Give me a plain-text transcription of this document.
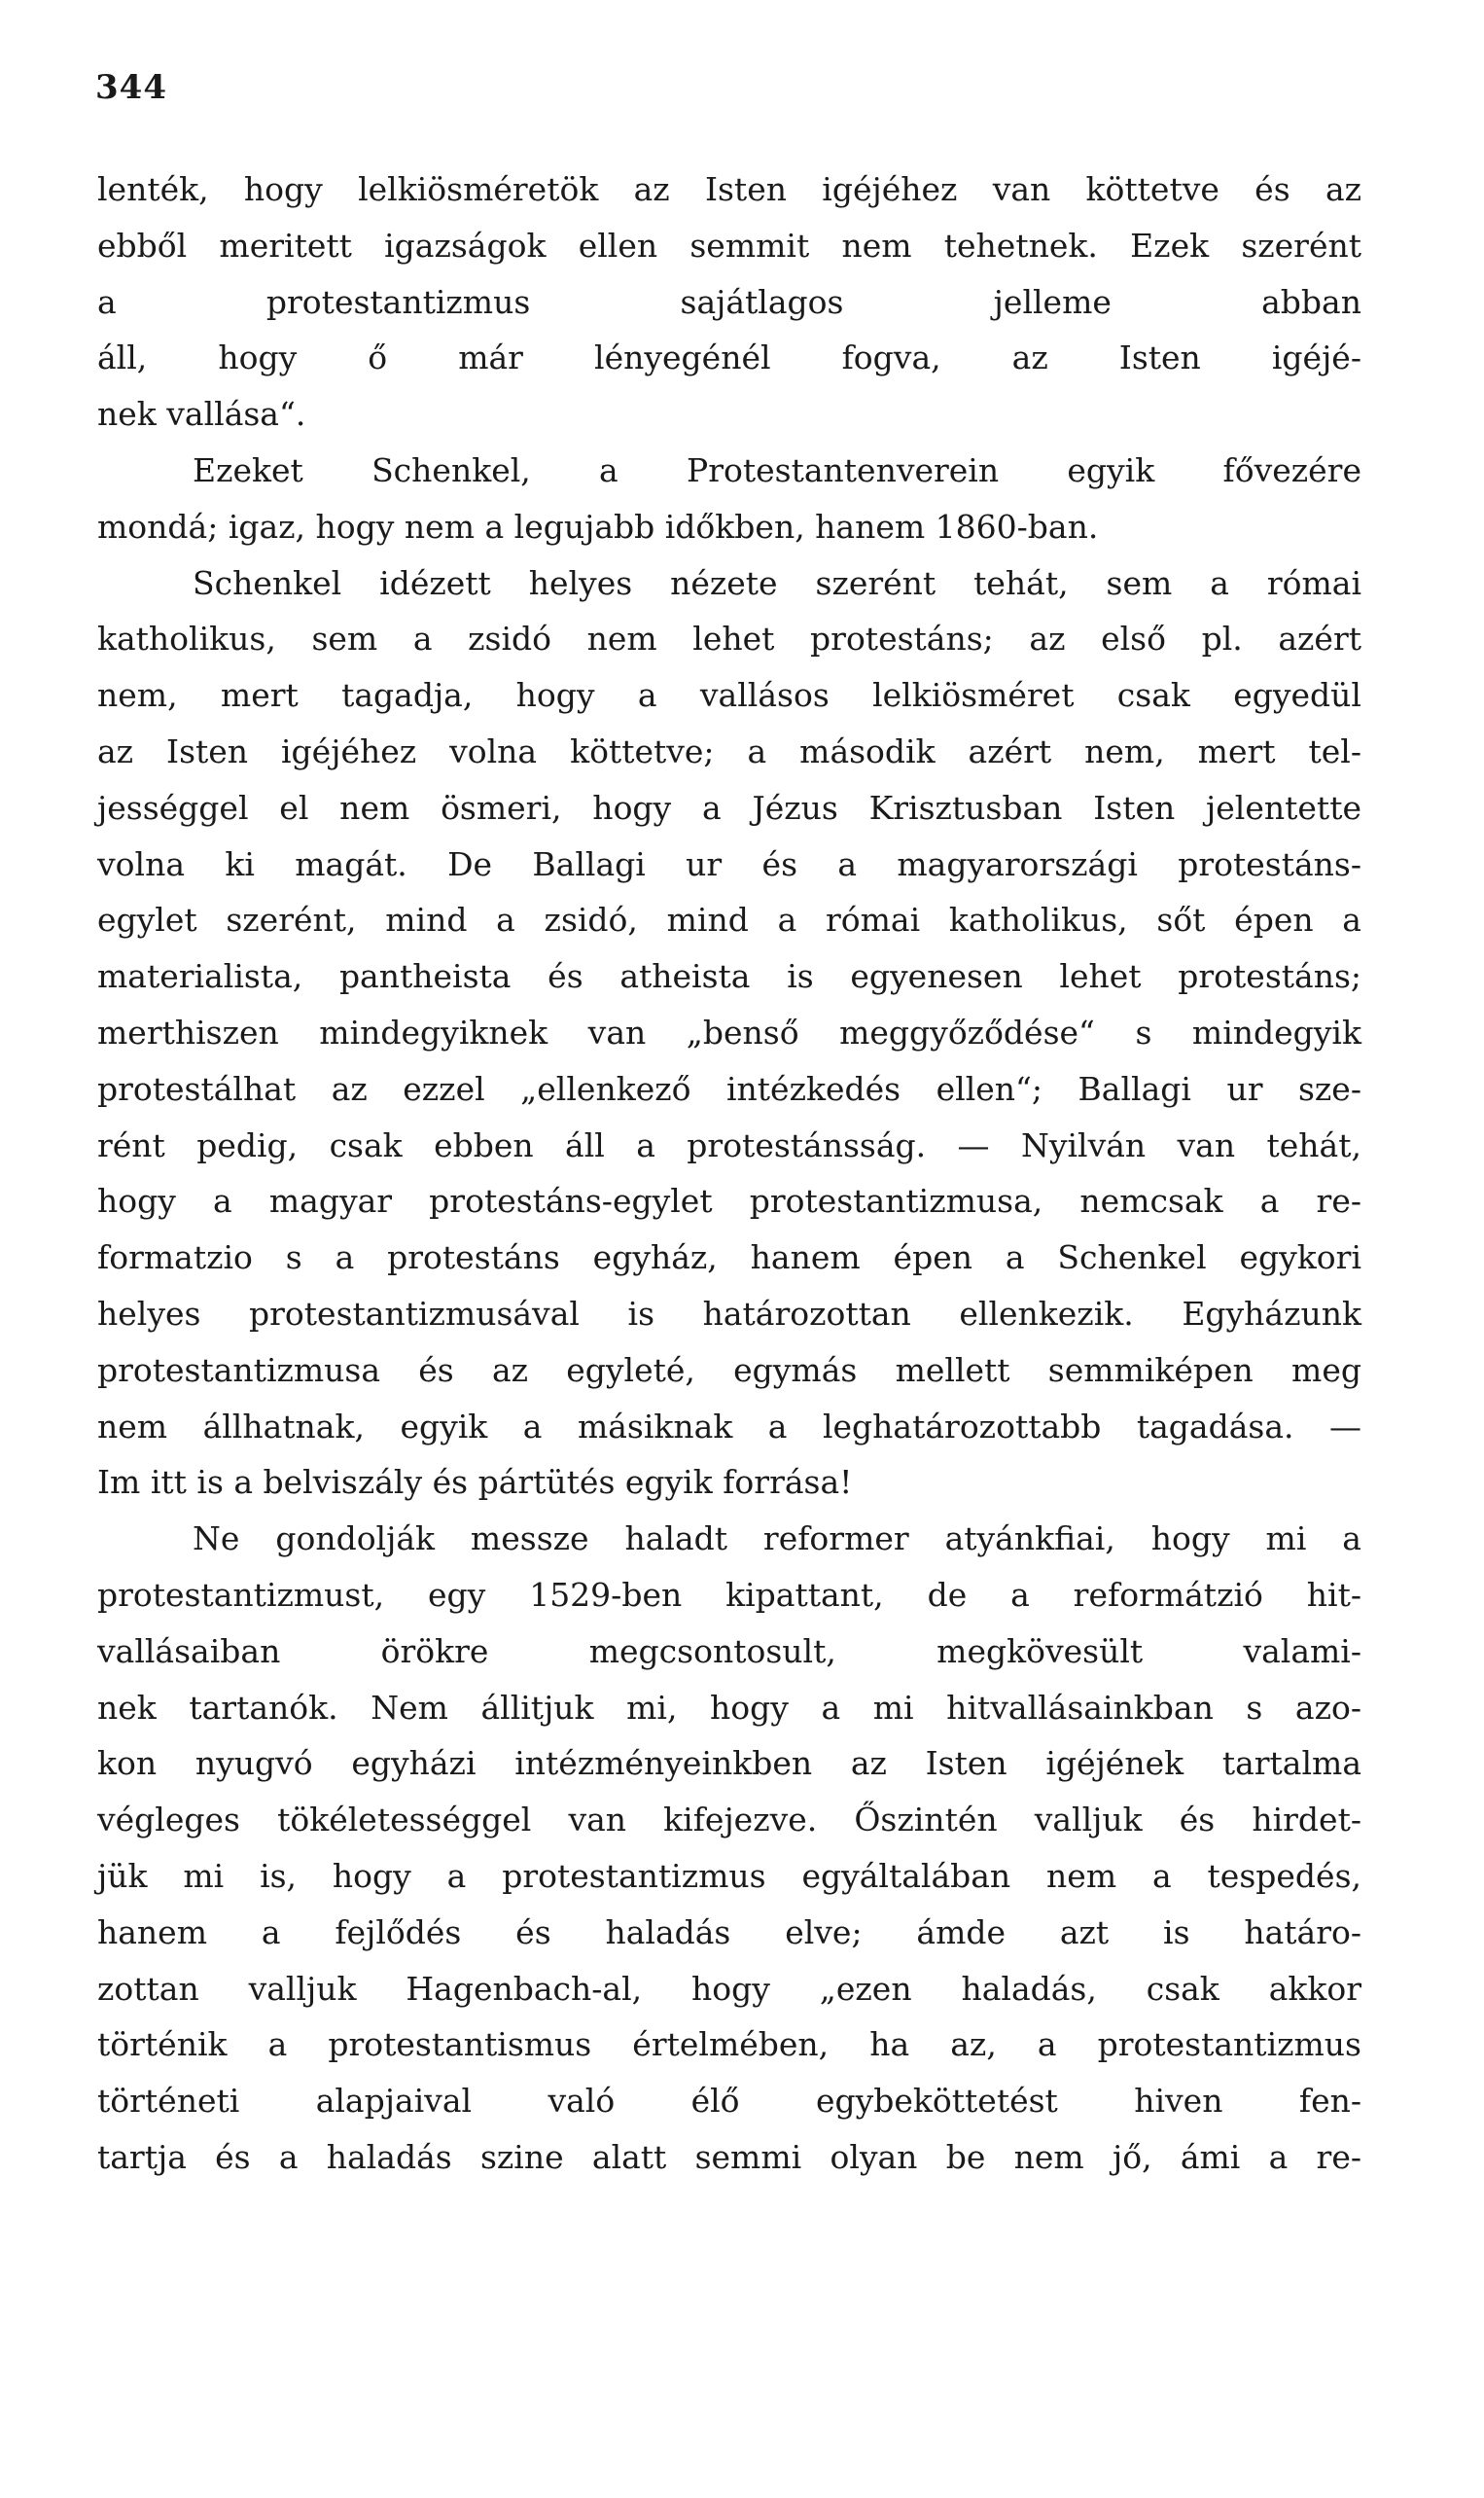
344
lenték, hogy lelkiösméretök az Isten igéjéhez van köttetve és az
ebből meritett igazságok ellen semmit nem tehetnek. Ezek szerént
a protestantizmus sajátlagos jelleme abban
áll, hogy ő már lényegénél fogva, az Isten igéjé-
nek vallása“.
Ezeket Schenkel, a Protestantenverein egyik fővezére
mondá; igaz, hogy nem a legujabb időkben, hanem 1860-ban.
Schenkel idézett helyes nézete szerént tehát, sem a római
katholikus, sem a zsidó nem lehet protestáns; az első pl. azért
nem, mert tagadja, hogy a vallásos lelkiösméret csak egyedül
az Isten igéjéhez volna köttetve; a második azért nem, mert tel-
jességgel el nem ösmeri, hogy a Jézus Krisztusban Isten jelentette
volna ki magát. De Ballagi ur és a magyarországi protestáns-
egylet szerént, mind a zsidó, mind a római katholikus, sőt épen a
materialista, pantheista és atheista is egyenesen lehet protestáns;
merthiszen mindegyiknek van „benső meggyőződése“ s mindegyik
protestálhat az ezzel „ellenkező intézkedés ellen“; Ballagi ur sze-
rént pedig, csak ebben áll a protestánsság. — Nyilván van tehát,
hogy a magyar protestáns-egylet protestantizmusa, nemcsak a re-
formatzio s a protestáns egyház, hanem épen a Schenkel egykori
helyes protestantizmusával is határozottan ellenkezik. Egyházunk
protestantizmusa és az egyleté, egymás mellett semmiképen meg
nem állhatnak, egyik a másiknak a leghatározottabb tagadása. —
Im itt is a belviszály és pártütés egyik forrása!
Ne gondolják messze haladt reformer atyánkfiai, hogy mi a
protestantizmust, egy 1529-ben kipattant, de a reformátzió hit-
vallásaiban örökre megcsontosult, megkövesült valami-
nek tartanók. Nem állitjuk mi, hogy a mi hitvallásainkban s azo-
kon nyugvó egyházi intézményeinkben az Isten igéjének tartalma
végleges tökéletességgel van kifejezve. Őszintén valljuk és hirdet-
jük mi is, hogy a protestantizmus egyáltalában nem a tespedés,
hanem a fejlődés és haladás elve; ámde azt is határo-
zottan valljuk Hagenbach-al, hogy „ezen haladás, csak akkor
történik a protestantismus értelmében, ha az, a protestantizmus
történeti alapjaival való élő egybeköttetést hiven fen-
tartja és a haladás szine alatt semmi olyan be nem jő, ámi a re-
